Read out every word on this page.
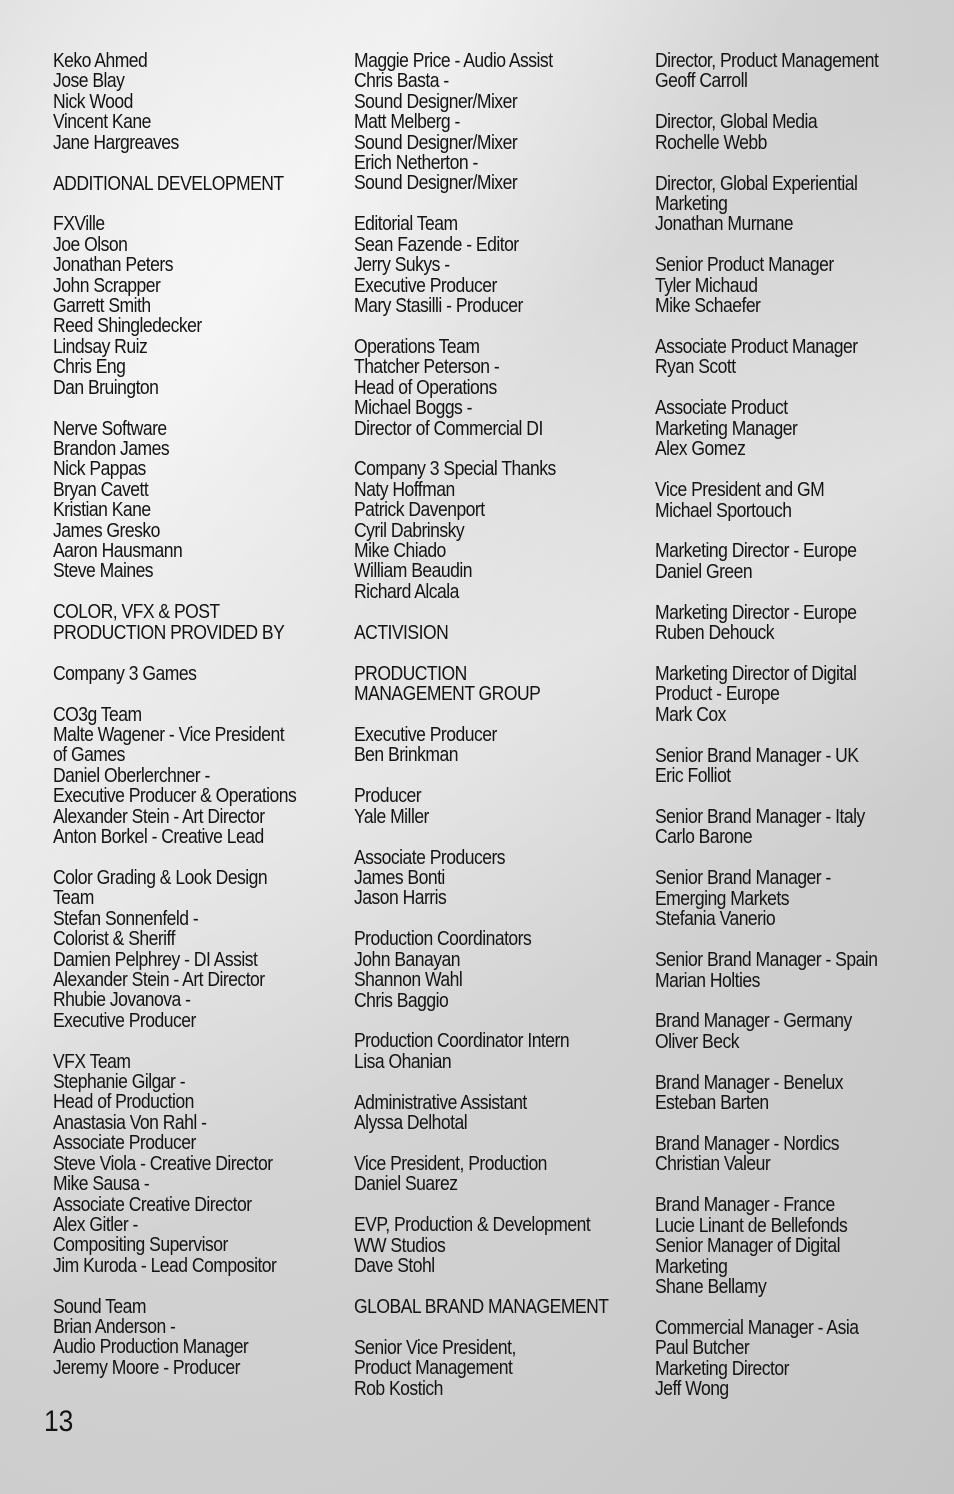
Keko Ahmed
Jose Blay
Nick Wood
Vincent Kane
Jane Hargreaves
ADDITIONAL DEVELOPMENT
FXVille
Joe Olson
Jonathan Peters
John Scrapper
Garrett Smith
Reed Shingledecker
Lindsay Ruiz
Chris Eng
Dan Bruington
Nerve Software
Brandon James
Nick Pappas
Bryan Cavett
Kristian Kane
James Gresko
Aaron Hausmann
Steve Maines
COLOR, VFX & POST
PRODUCTION PROVIDED BY
Company 3 Games
CO3g Team
Malte Wagener - Vice President
of Games
Daniel Oberlerchner -
Executive Producer & Operations
Alexander Stein - Art Director
Anton Borkel - Creative Lead
Color Grading & Look Design
Team
Stefan Sonnenfeld -
Colorist & Sheriff
Damien Pelphrey - DI Assist
Alexander Stein - Art Director
Rhubie Jovanova -
Executive Producer
VFX Team
Stephanie Gilgar -
Head of Production
Anastasia Von Rahl -
Associate Producer
Steve Viola - Creative Director
Mike Sausa -
Associate Creative Director
Alex Gitler -
Compositing Supervisor
Jim Kuroda - Lead Compositor
Sound Team
Brian Anderson -
Audio Production Manager
Jeremy Moore - Producer
Maggie Price - Audio Assist
Chris Basta -
Sound Designer/Mixer
Matt Melberg -
Sound Designer/Mixer
Erich Netherton -
Sound Designer/Mixer
Editorial Team
Sean Fazende - Editor
Jerry Sukys -
Executive Producer
Mary Stasilli - Producer
Operations Team
Thatcher Peterson -
Head of Operations
Michael Boggs -
Director of Commercial DI
Company 3 Special Thanks
Naty Hoffman
Patrick Davenport
Cyril Dabrinsky
Mike Chiado
William Beaudin
Richard Alcala
ACTIVISION
PRODUCTION
MANAGEMENT GROUP
Executive Producer
Ben Brinkman
Producer
Yale Miller
Associate Producers
James Bonti
Jason Harris
Production Coordinators
John Banayan
Shannon Wahl
Chris Baggio
Production Coordinator Intern
Lisa Ohanian
Administrative Assistant
Alyssa Delhotal
Vice President, Production
Daniel Suarez
EVP, Production & Development
WW Studios
Dave Stohl
GLOBAL BRAND MANAGEMENT
Senior Vice President,
Product Management
Rob Kostich
Director, Product Management
Geoff Carroll
Director, Global Media
Rochelle Webb
Director, Global Experiential
Marketing
Jonathan Murnane
Senior Product Manager
Tyler Michaud
Mike Schaefer
Associate Product Manager
Ryan Scott
Associate Product
Marketing Manager
Alex Gomez
Vice President and GM
Michael Sportouch
Marketing Director - Europe
Daniel Green
Marketing Director - Europe
Ruben Dehouck
Marketing Director of Digital
Product - Europe
Mark Cox
Senior Brand Manager - UK
Eric Folliot
Senior Brand Manager - Italy
Carlo Barone
Senior Brand Manager -
Emerging Markets
Stefania Vanerio
Senior Brand Manager - Spain
Marian Holties
Brand Manager - Germany
Oliver Beck
Brand Manager - Benelux
Esteban Barten
Brand Manager - Nordics
Christian Valeur
Brand Manager - France
Lucie Linant de Bellefonds
Senior Manager of Digital
Marketing
Shane Bellamy
Commercial Manager - Asia
Paul Butcher
Marketing Director
Jeff Wong
13
